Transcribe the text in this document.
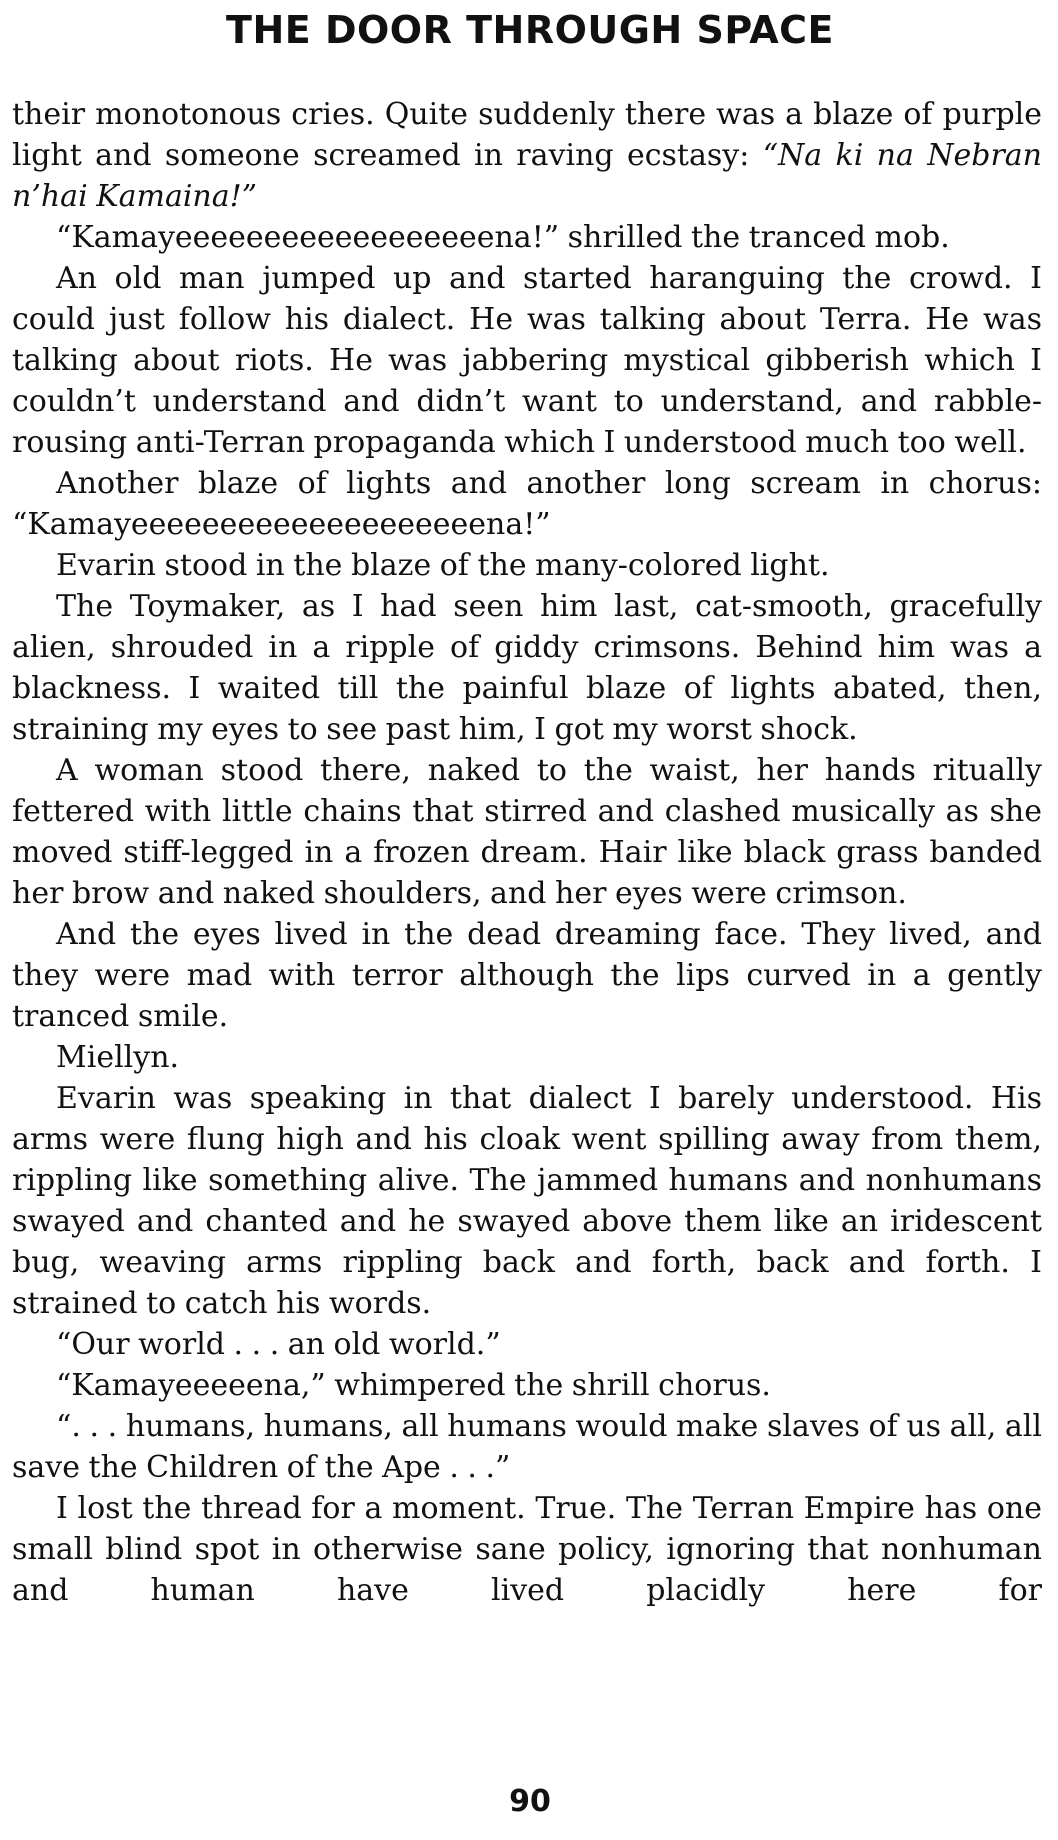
THE DOOR THROUGH SPACE

their monotonous cries. Quite suddenly there was a blaze of purple light and someone screamed in raving ecstasy: “Na ki na Nebran n’hai Kamaina!”

“Kamayeeeeeeeeeeeeeeeeeena!” shrilled the tranced mob.

An old man jumped up and started haranguing the crowd. I could just follow his dialect. He was talking about Terra. He was talking about riots. He was jabbering mystical gibberish which I couldn’t understand and didn’t want to understand, and rabble-rousing anti-Terran propaganda which I understood much too well.

Another blaze of lights and another long scream in chorus: “Kamayeeeeeeeeeeeeeeeeeeeena!”

Evarin stood in the blaze of the many-colored light.

The Toymaker, as I had seen him last, cat-smooth, gracefully alien, shrouded in a ripple of giddy crimsons. Behind him was a blackness. I waited till the painful blaze of lights abated, then, straining my eyes to see past him, I got my worst shock.

A woman stood there, naked to the waist, her hands ritually fettered with little chains that stirred and clashed musically as she moved stiff-legged in a frozen dream. Hair like black grass banded her brow and naked shoulders, and her eyes were crimson.

And the eyes lived in the dead dreaming face. They lived, and they were mad with terror although the lips curved in a gently tranced smile.

Miellyn.

Evarin was speaking in that dialect I barely understood. His arms were flung high and his cloak went spilling away from them, rippling like something alive. The jammed humans and nonhumans swayed and chanted and he swayed above them like an iridescent bug, weaving arms rippling back and forth, back and forth. I strained to catch his words.

“Our world . . . an old world.”

“Kamayeeeeena,” whimpered the shrill chorus.

“. . . humans, humans, all humans would make slaves of us all, all save the Children of the Ape . . .”

I lost the thread for a moment. True. The Terran Empire has one small blind spot in otherwise sane policy, ignoring that nonhuman and human have lived placidly here for

90
